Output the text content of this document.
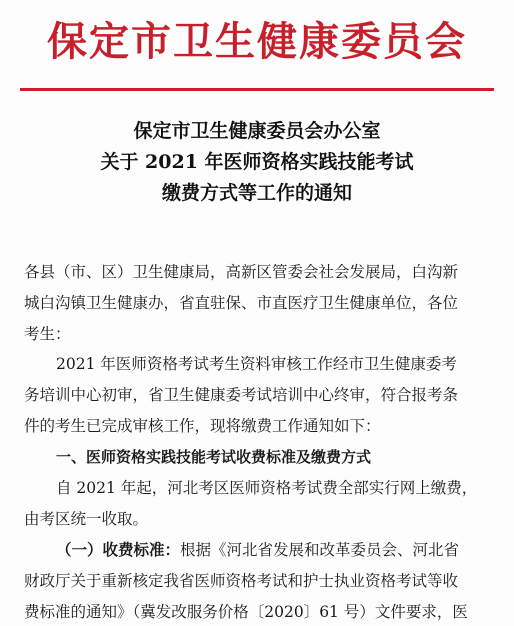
保定市卫生健康委员会
保定市卫生健康委员会办公室
关于 2021 年医师资格实践技能考试
缴费方式等工作的通知
各县（市、区）卫生健康局，高新区管委会社会发展局，白沟新
城白沟镇卫生健康办，省直驻保、市直医疗卫生健康单位，各位
考生：
2021 年医师资格考试考生资料审核工作经市卫生健康委考
务培训中心初审，省卫生健康委考试培训中心终审，符合报考条
件的考生已完成审核工作，现将缴费工作通知如下：
一、医师资格实践技能考试收费标准及缴费方式
自 2021 年起，河北考区医师资格考试费全部实行网上缴费，
由考区统一收取。
（一）收费标准：根据《河北省发展和改革委员会、河北省
财政厅关于重新核定我省医师资格考试和护士执业资格考试等收
费标准的通知》（冀发改服务价格〔2020〕61 号）文件要求，医
